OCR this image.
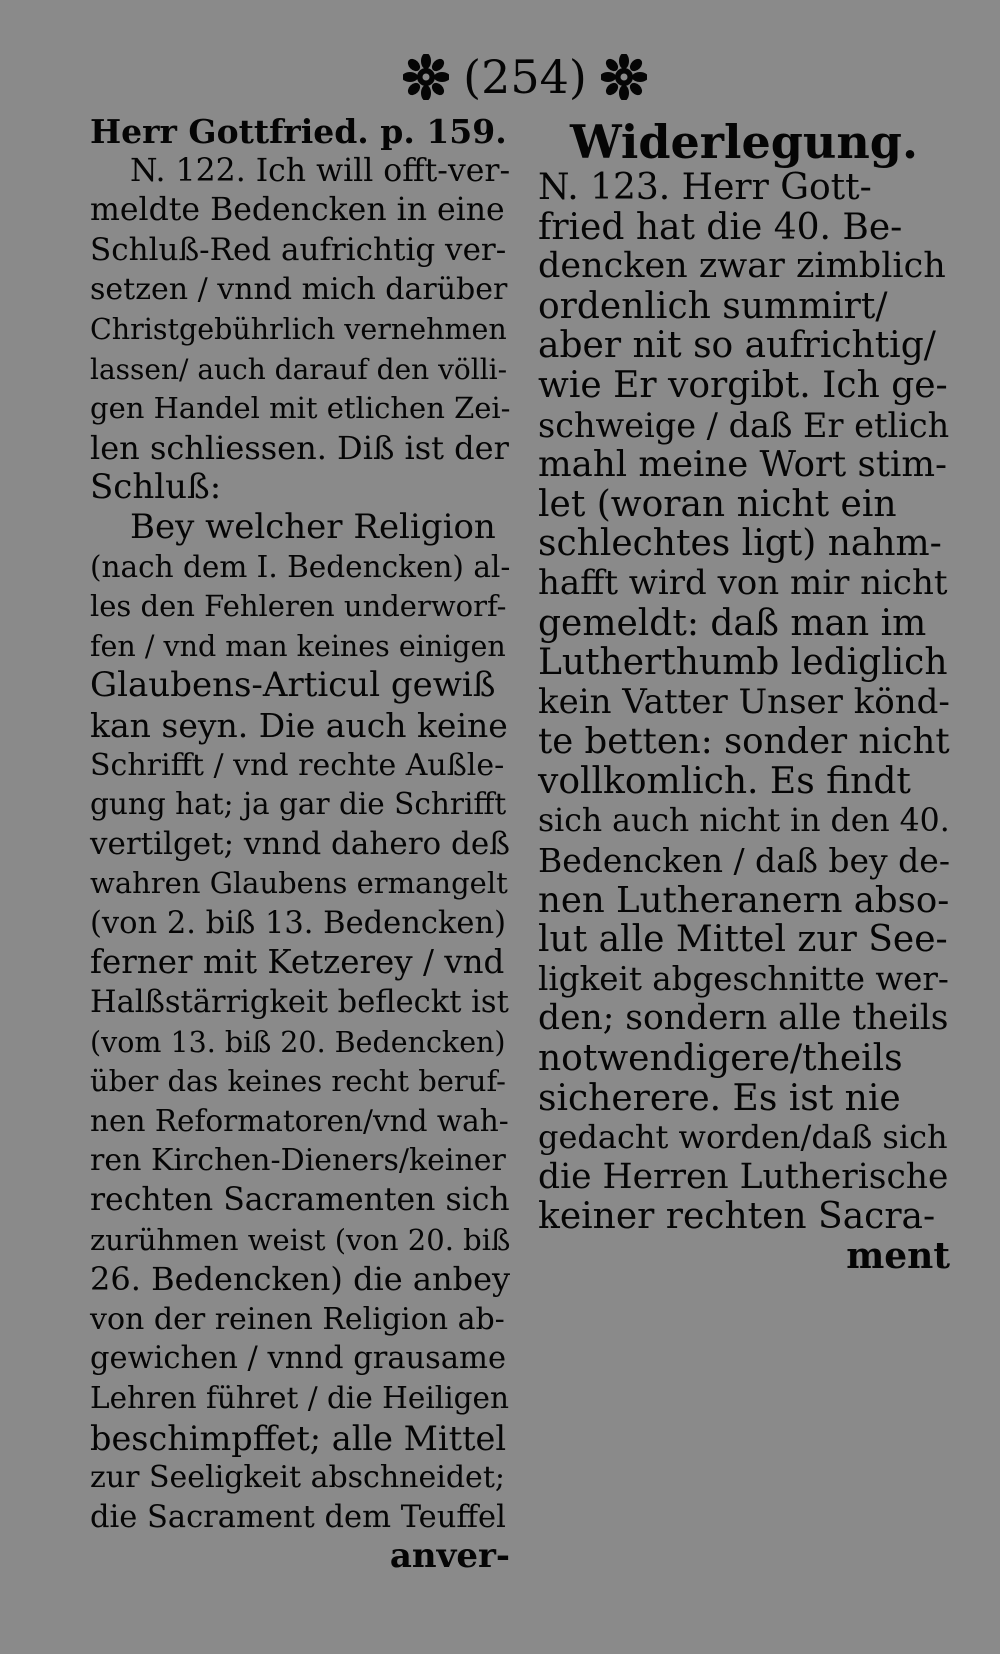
(254)
Herr Gottfried. p. 159.
N. 122. Ich will offt-ver-
meldte Bedencken in eine
Schluß-Red aufrichtig ver-
setzen / vnnd mich darüber
Christgebührlich vernehmen
lassen/ auch darauf den völli-
gen Handel mit etlichen Zei-
len schliessen. Diß ist der
Schluß:
Bey welcher Religion
(nach dem I. Bedencken) al-
les den Fehleren underworf-
fen / vnd man keines einigen
Glaubens-Articul gewiß
kan seyn. Die auch keine
Schrifft / vnd rechte Außle-
gung hat; ja gar die Schrifft
vertilget; vnnd dahero deß
wahren Glaubens ermangelt
(von 2. biß 13. Bedencken)
ferner mit Ketzerey / vnd
Halßstärrigkeit befleckt ist
(vom 13. biß 20. Bedencken)
über das keines recht beruf-
nen Reformatoren/vnd wah-
ren Kirchen-Dieners/keiner
rechten Sacramenten sich
zurühmen weist (von 20. biß
26. Bedencken) die anbey
von der reinen Religion ab-
gewichen / vnnd grausame
Lehren führet / die Heiligen
beschimpffet; alle Mittel
zur Seeligkeit abschneidet;
die Sacrament dem Teuffel
anver-
Widerlegung.
N. 123. Herr Gott-
fried hat die 40. Be-
dencken zwar zimblich
ordenlich summirt/
aber nit so aufrichtig/
wie Er vorgibt. Ich ge-
schweige / daß Er etlich
mahl meine Wort stim-
let (woran nicht ein
schlechtes ligt) nahm-
hafft wird von mir nicht
gemeldt: daß man im
Lutherthumb lediglich
kein Vatter Unser könd-
te betten: sonder nicht
vollkomlich. Es findt
sich auch nicht in den 40.
Bedencken / daß bey de-
nen Lutheranern abso-
lut alle Mittel zur See-
ligkeit abgeschnitte wer-
den; sondern alle theils
notwendigere/theils
sicherere. Es ist nie
gedacht worden/daß sich
die Herren Lutherische
keiner rechten Sacra-
ment
